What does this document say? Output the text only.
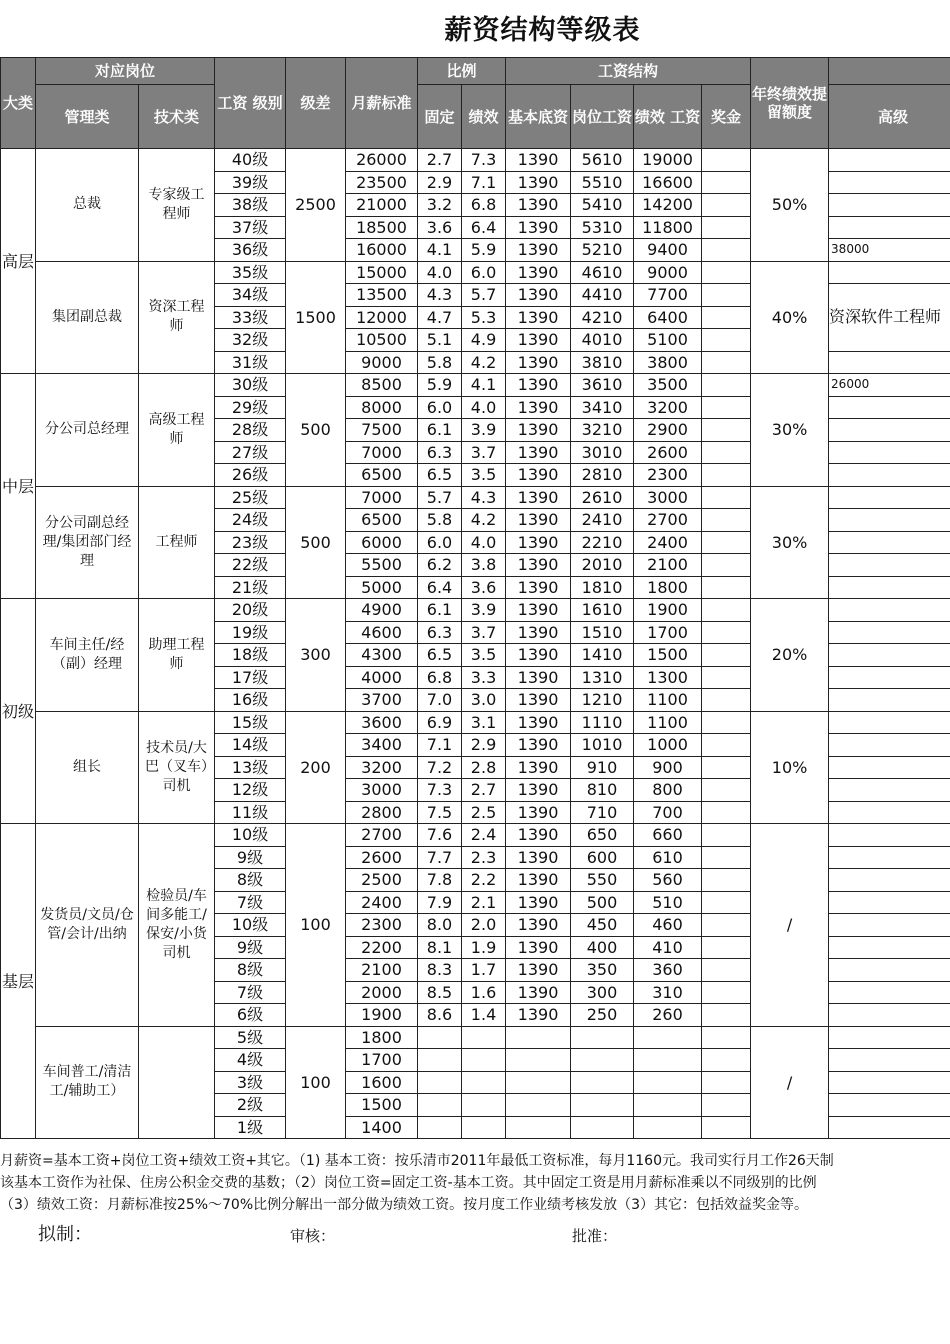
薪资结构等级表
大类	对应岗位		工资 级别	级差	月薪标准	比例		工资结构				年终绩效提留额度	
	管理类	技术类				固定	绩效	基本底资	岗位工资	绩效 工资	奖金		高级
高层	总裁	专家级工程师	40级	2500	26000	2.7	7.3	1390	5610	19000		50%	
			39级		23500	2.9	7.1	1390	5510	16600			
			38级		21000	3.2	6.8	1390	5410	14200			
			37级		18500	3.6	6.4	1390	5310	11800			
			36级		16000	4.1	5.9	1390	5210	9400			38000
	集团副总裁	资深工程师	35级	1500	15000	4.0	6.0	1390	4610	9000		40%	
			34级		13500	4.3	5.7	1390	4410	7700			资深软件工程师
			33级		12000	4.7	5.3	1390	4210	6400			
			32级		10500	5.1	4.9	1390	4010	5100			
			31级		9000	5.8	4.2	1390	3810	3800			
中层	分公司总经理	高级工程师	30级	500	8500	5.9	4.1	1390	3610	3500		30%	26000
			29级		8000	6.0	4.0	1390	3410	3200			
			28级		7500	6.1	3.9	1390	3210	2900			
			27级		7000	6.3	3.7	1390	3010	2600			
			26级		6500	6.5	3.5	1390	2810	2300			
	分公司副总经理/集团部门经理	工程师	25级	500	7000	5.7	4.3	1390	2610	3000		30%	
			24级		6500	5.8	4.2	1390	2410	2700			
			23级		6000	6.0	4.0	1390	2210	2400			
			22级		5500	6.2	3.8	1390	2010	2100			
			21级		5000	6.4	3.6	1390	1810	1800			
初级	车间主任/经（副）经理	助理工程师	20级	300	4900	6.1	3.9	1390	1610	1900		20%	
			19级		4600	6.3	3.7	1390	1510	1700			
			18级		4300	6.5	3.5	1390	1410	1500			
			17级		4000	6.8	3.3	1390	1310	1300			
			16级		3700	7.0	3.0	1390	1210	1100			
	组长	技术员/大巴（叉车）司机	15级	200	3600	6.9	3.1	1390	1110	1100		10%	
			14级		3400	7.1	2.9	1390	1010	1000			
			13级		3200	7.2	2.8	1390	910	900			
			12级		3000	7.3	2.7	1390	810	800			
			11级		2800	7.5	2.5	1390	710	700			
基层	发货员/文员/仓管/会计/出纳	检验员/车间多能工/保安/小货司机	10级	100	2700	7.6	2.4	1390	650	660		/	
			9级		2600	7.7	2.3	1390	600	610			
			8级		2500	7.8	2.2	1390	550	560			
			7级		2400	7.9	2.1	1390	500	510			
			10级		2300	8.0	2.0	1390	450	460			
			9级		2200	8.1	1.9	1390	400	410			
			8级		2100	8.3	1.7	1390	350	360			
			7级		2000	8.5	1.6	1390	300	310			
			6级		1900	8.6	1.4	1390	250	260			
	车间普工/清洁工/辅助工）		5级	100	1800							/	
			4级		1700								
			3级		1600								
			2级		1500								
			1级		1400								
月薪资=基本工资+岗位工资+绩效工资+其它。（1) 基本工资：按乐清市2011年最低工资标准，每月1160元。我司实行月工作26天制
该基本工资作为社保、住房公积金交费的基数；（2）岗位工资=固定工资-基本工资。其中固定工资是用月薪标准乘以不同级别的比例
（3）绩效工资：月薪标准按25%～70%比例分解出一部分做为绩效工资。按月度工作业绩考核发放（3）其它：包括效益奖金等。
拟制：	审核：	批准：
